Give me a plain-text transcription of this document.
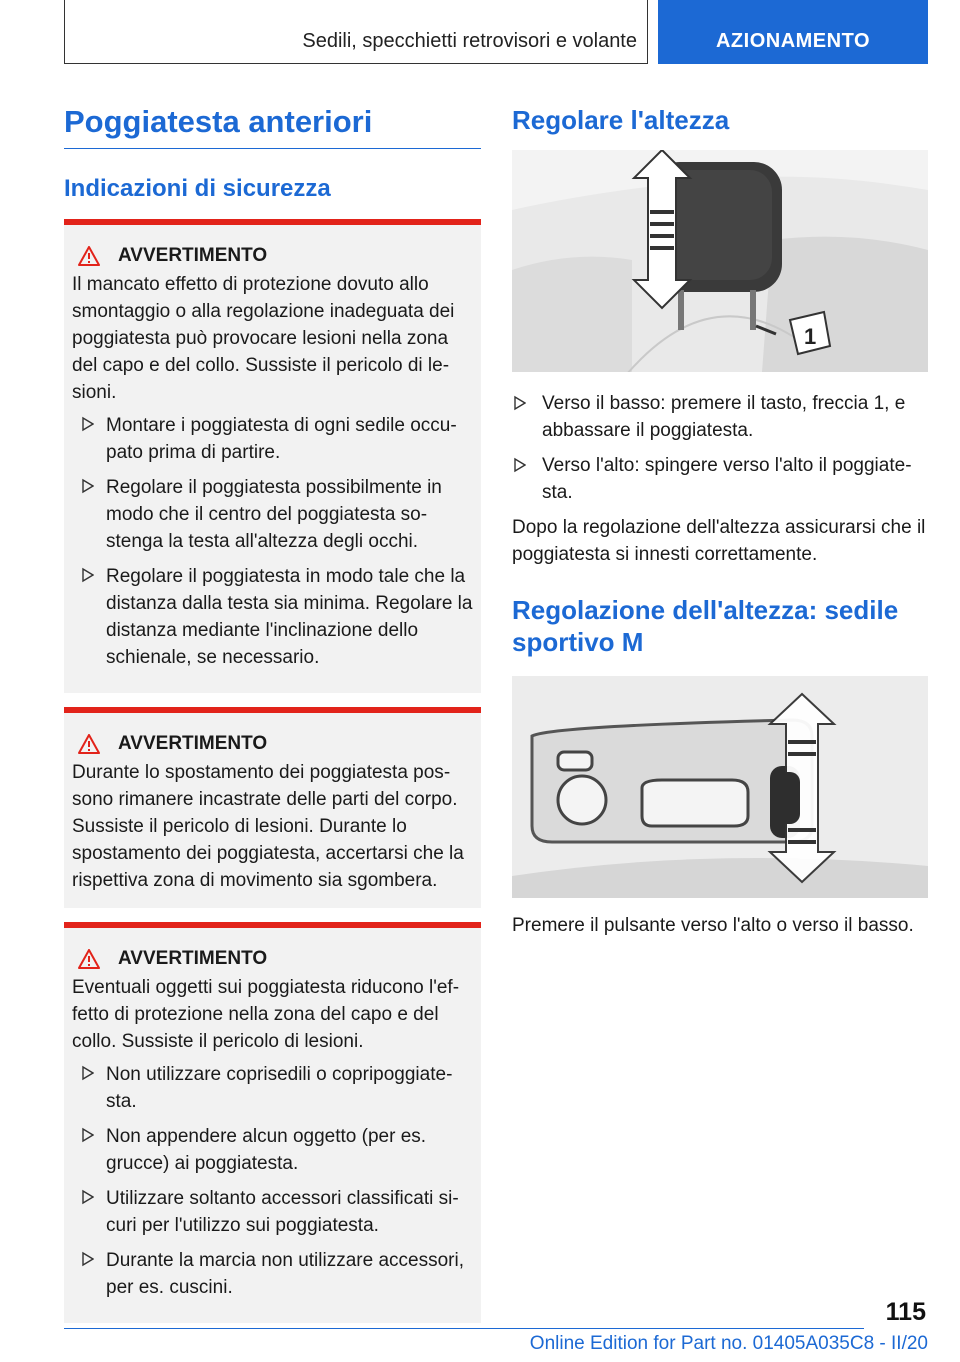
Sedili, specchietti retrovisori e volante	AZIONAMENTO
Poggiatesta anteriori
Indicazioni di sicurezza
AVVERTIMENTO

Il mancato effetto di protezione dovuto allo smontaggio o alla regolazione inadeguata dei poggiatesta può provocare lesioni nella zona del capo e del collo. Sussiste il pericolo di lesioni.

Montare i poggiatesta di ogni sedile occupato prima di partire.
Regolare il poggiatesta possibilmente in modo che il centro del poggiatesta sostenga la testa all'altezza degli occhi.
Regolare il poggiatesta in modo tale che la distanza dalla testa sia minima. Regolare la distanza mediante l'inclinazione dello schienale, se necessario.
AVVERTIMENTO

Durante lo spostamento dei poggiatesta possono rimanere incastrate delle parti del corpo. Sussiste il pericolo di lesioni. Durante lo spostamento dei poggiatesta, accertarsi che la rispettiva zona di movimento sia sgombera.

AVVERTIMENTO

Eventuali oggetti sui poggiatesta riducono l'effetto di protezione nella zona del capo e del collo. Sussiste il pericolo di lesioni.

Non utilizzare coprisedili o copripoggiatesta.
Non appendere alcun oggetto (per es. grucce) ai poggiatesta.
Utilizzare soltanto accessori classificati sicuri per l'utilizzo sui poggiatesta.
Durante la marcia non utilizzare accessori, per es. cuscini.
Regolare l'altezza
1
Verso il basso: premere il tasto, freccia 1, e abbassare il poggiatesta.
Verso l'alto: spingere verso l'alto il poggiatesta.

Dopo la regolazione dell'altezza assicurarsi che il poggiatesta si innesti correttamente.

Regolazione dell'altezza: sedile sportivo M

Premere il pulsante verso l'alto o verso il basso.

115
Online Edition for Part no. 01405A035C8 - II/20
